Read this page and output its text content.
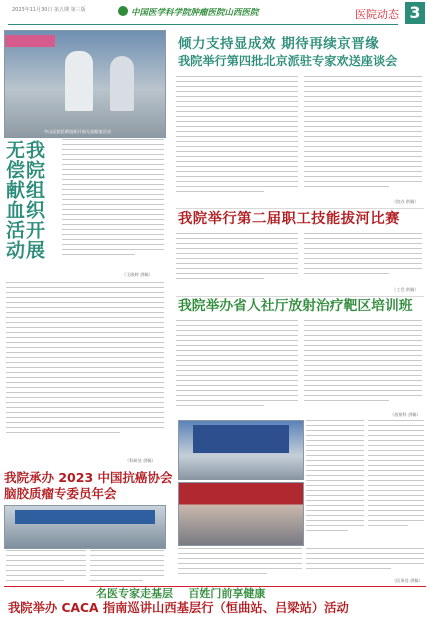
2023年11月30日 第五期 第三版	中国医学科学院肿瘤医院山西医院	医院动态 3
中山医院医师组织开展无偿献血活动
我院组织开展无偿献血活动
（王晓婷 供稿）
（科研处 供稿）
我院承办 2023 中国抗癌协会
脑胶质瘤专委员年会
倾力支持显成效 期待再续京晋缘
我院举行第四批北京派驻专家欢送座谈会
（院办 供稿）
我院举行第二届职工技能拔河比赛
（工会 供稿）
我院举办省人社厅放射治疗靶区培训班
（放射科 供稿）
（医务处 供稿）
名医专家走基层    百姓门前享健康
我院举办 CACA 指南巡讲山西基层行（恒曲站、吕梁站）活动
